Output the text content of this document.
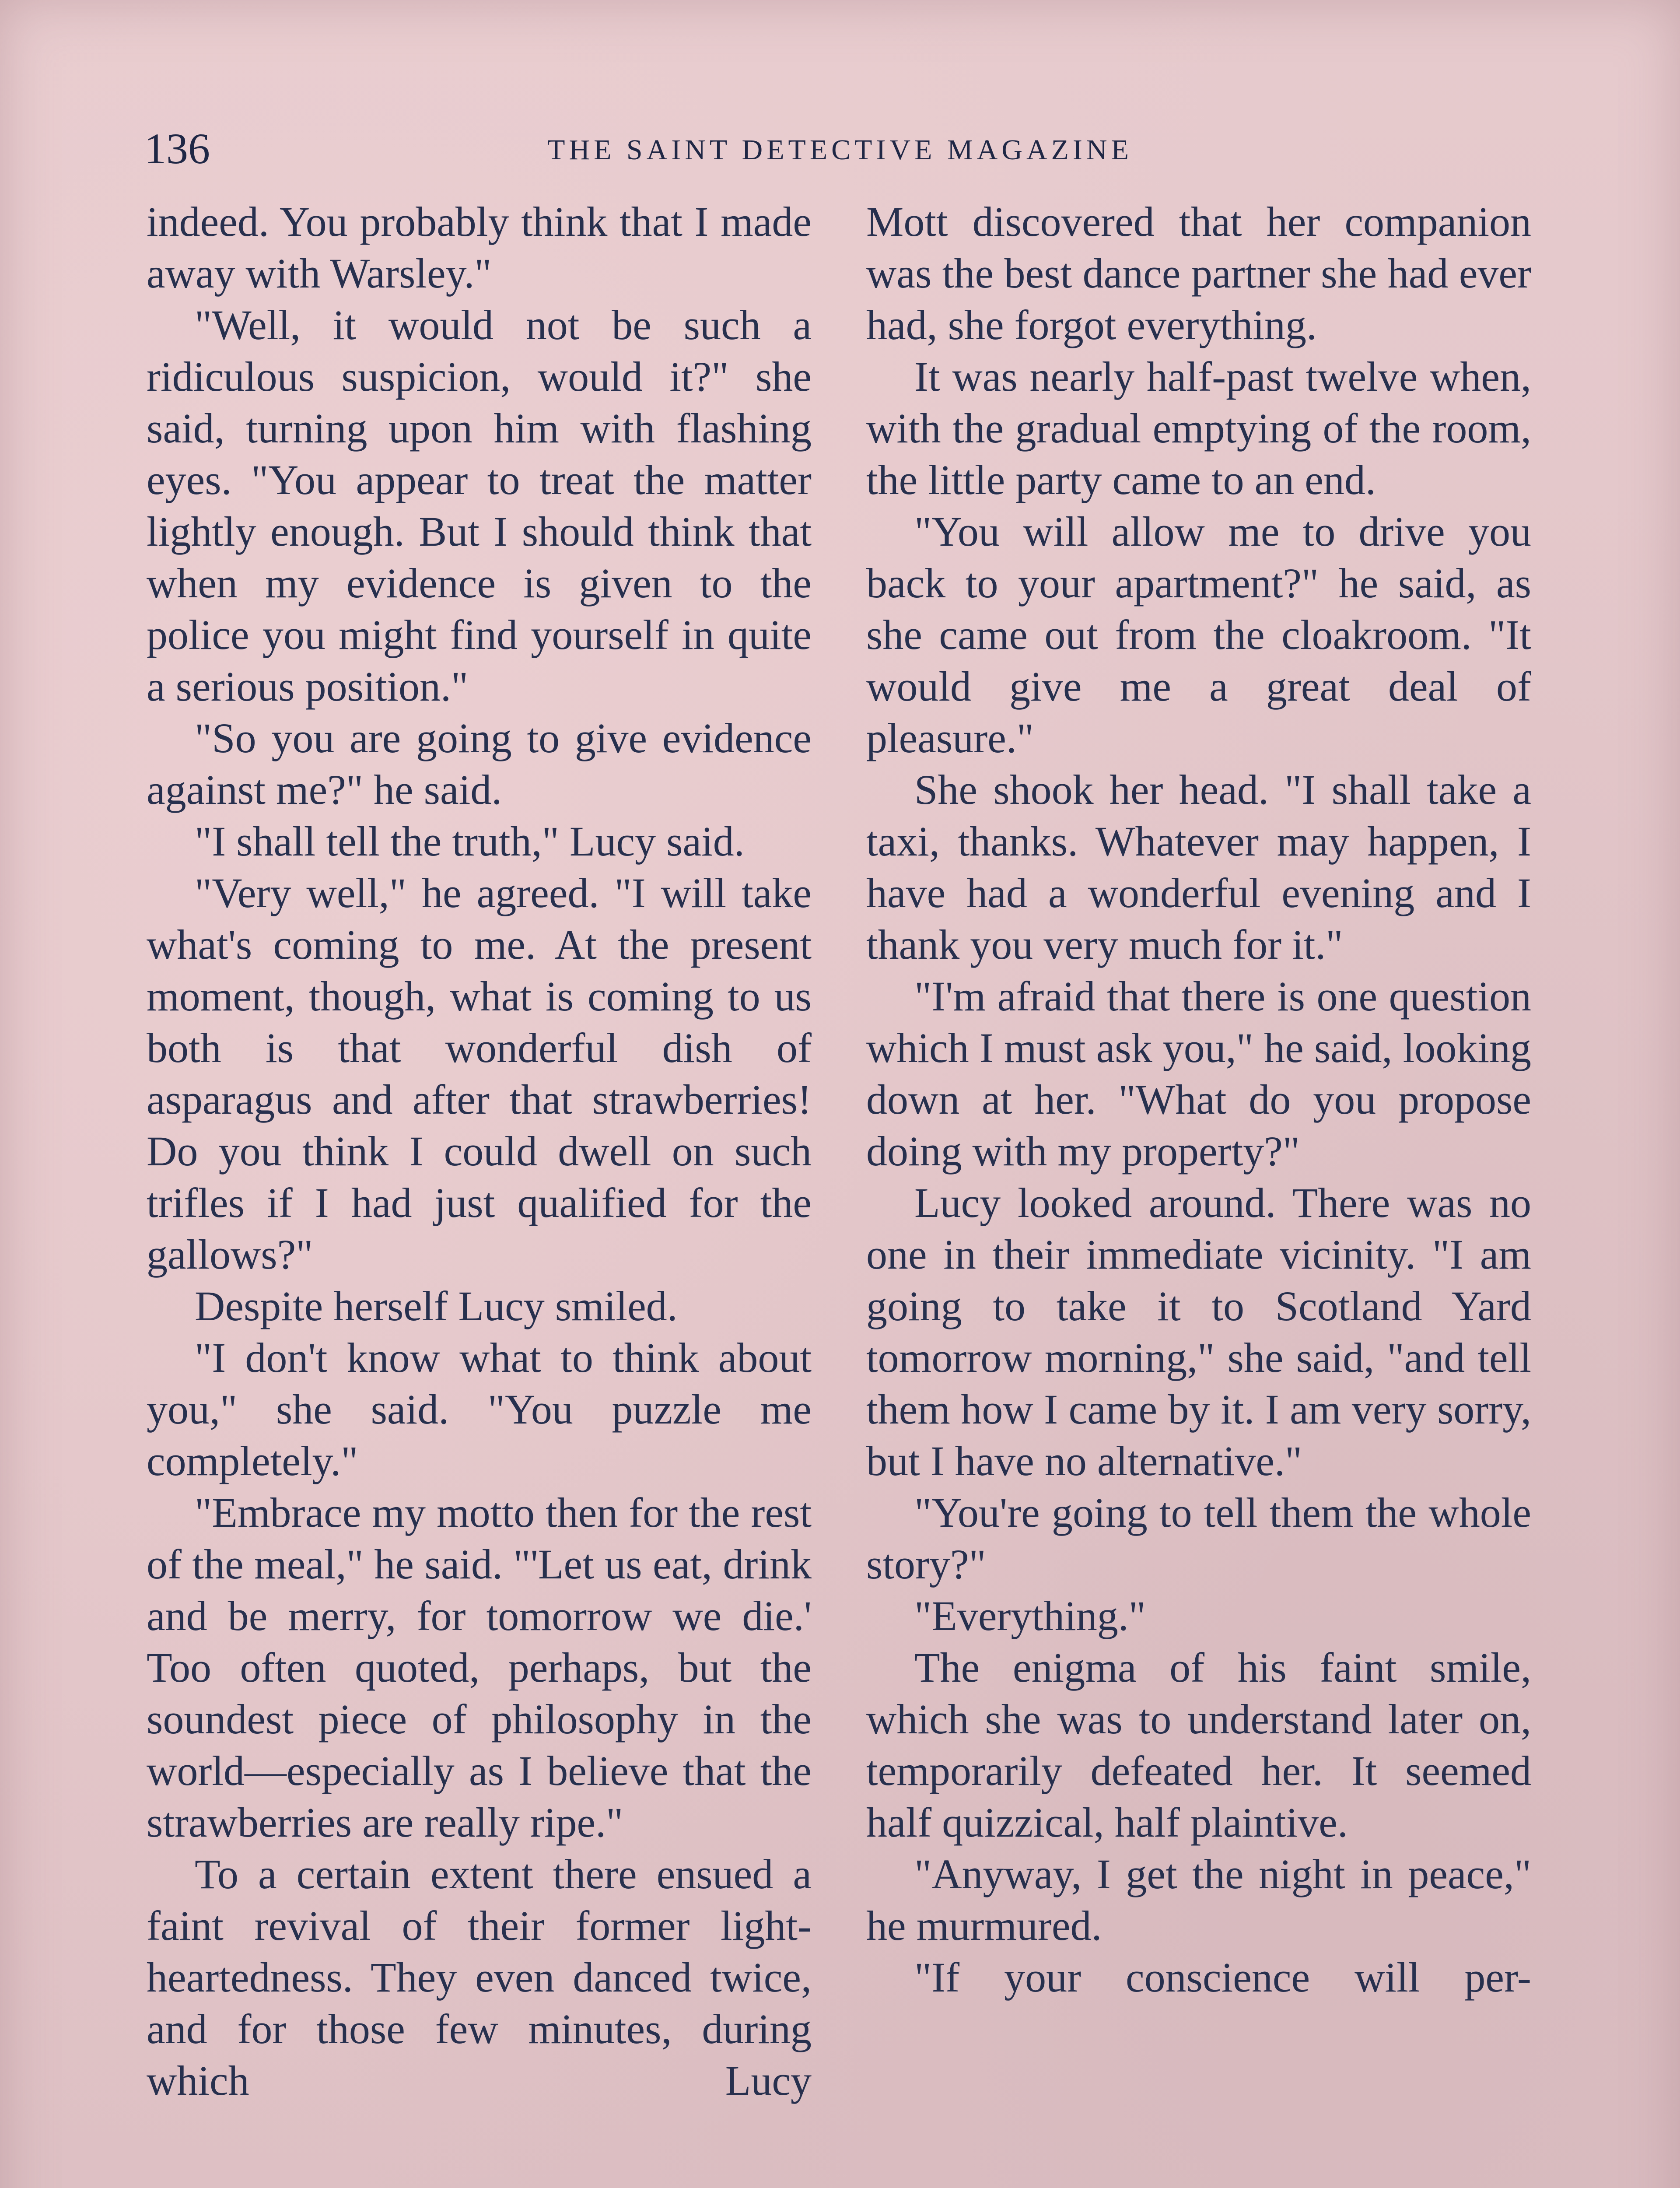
136	THE SAINT DETECTIVE MAGAZINE

indeed. You probably think that I made away with Warsley."

"Well, it would not be such a ridiculous suspicion, would it?" she said, turning upon him with flashing eyes. "You appear to treat the matter lightly enough. But I should think that when my evidence is given to the police you might find yourself in quite a serious position."

"So you are going to give evidence against me?" he said.

"I shall tell the truth," Lucy said.

"Very well," he agreed. "I will take what's coming to me. At the present moment, though, what is coming to us both is that wonderful dish of asparagus and after that strawberries! Do you think I could dwell on such trifles if I had just qualified for the gallows?"

Despite herself Lucy smiled.

"I don't know what to think about you," she said. "You puzzle me completely."

"Embrace my motto then for the rest of the meal," he said. "'Let us eat, drink and be merry, for tomorrow we die.' Too often quoted, perhaps, but the soundest piece of philosophy in the world—especially as I believe that the strawberries are really ripe."

To a certain extent there ensued a faint revival of their former light-heartedness. They even danced twice, and for those few minutes, during which Lucy

Mott discovered that her companion was the best dance partner she had ever had, she forgot everything.

It was nearly half-past twelve when, with the gradual emptying of the room, the little party came to an end.

"You will allow me to drive you back to your apartment?" he said, as she came out from the cloakroom. "It would give me a great deal of pleasure."

She shook her head. "I shall take a taxi, thanks. Whatever may happen, I have had a wonderful evening and I thank you very much for it."

"I'm afraid that there is one question which I must ask you," he said, looking down at her. "What do you propose doing with my property?"

Lucy looked around. There was no one in their immediate vicinity. "I am going to take it to Scotland Yard tomorrow morning," she said, "and tell them how I came by it. I am very sorry, but I have no alternative."

"You're going to tell them the whole story?"

"Everything."

The enigma of his faint smile, which she was to understand later on, temporarily defeated her. It seemed half quizzical, half plaintive.

"Anyway, I get the night in peace," he murmured.

"If your conscience will per-
